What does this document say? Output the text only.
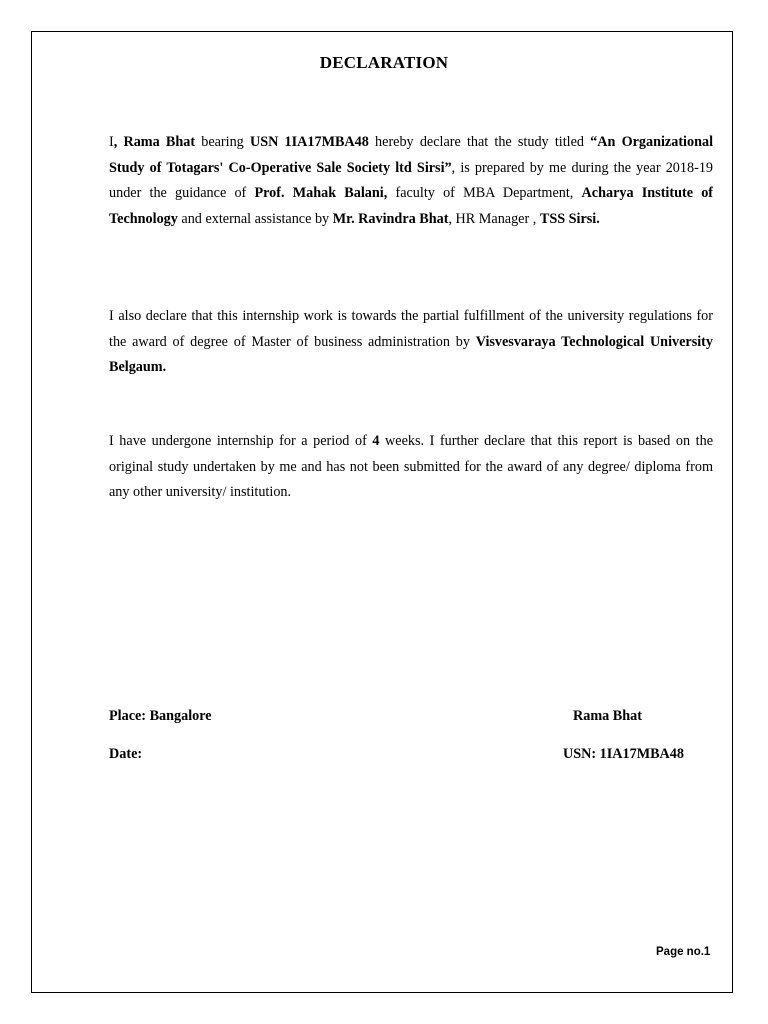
DECLARATION

I, Rama Bhat bearing USN 1IA17MBA48 hereby declare that the study titled “An Organizational Study of Totagars' Co-Operative Sale Society ltd Sirsi”, is prepared by me during the year 2018-19 under the guidance of Prof. Mahak Balani, faculty of MBA Department, Acharya Institute of Technology and external assistance by Mr. Ravindra Bhat, HR Manager , TSS Sirsi.

I also declare that this internship work is towards the partial fulfillment of the university regulations for the award of degree of Master of business administration by Visvesvaraya Technological University Belgaum.

I have undergone internship for a period of 4 weeks. I further declare that this report is based on the original study undertaken by me and has not been submitted for the award of any degree/ diploma from any other university/ institution.

Place: Bangalore	Rama Bhat
Date:	USN: 1IA17MBA48
Page no.1
